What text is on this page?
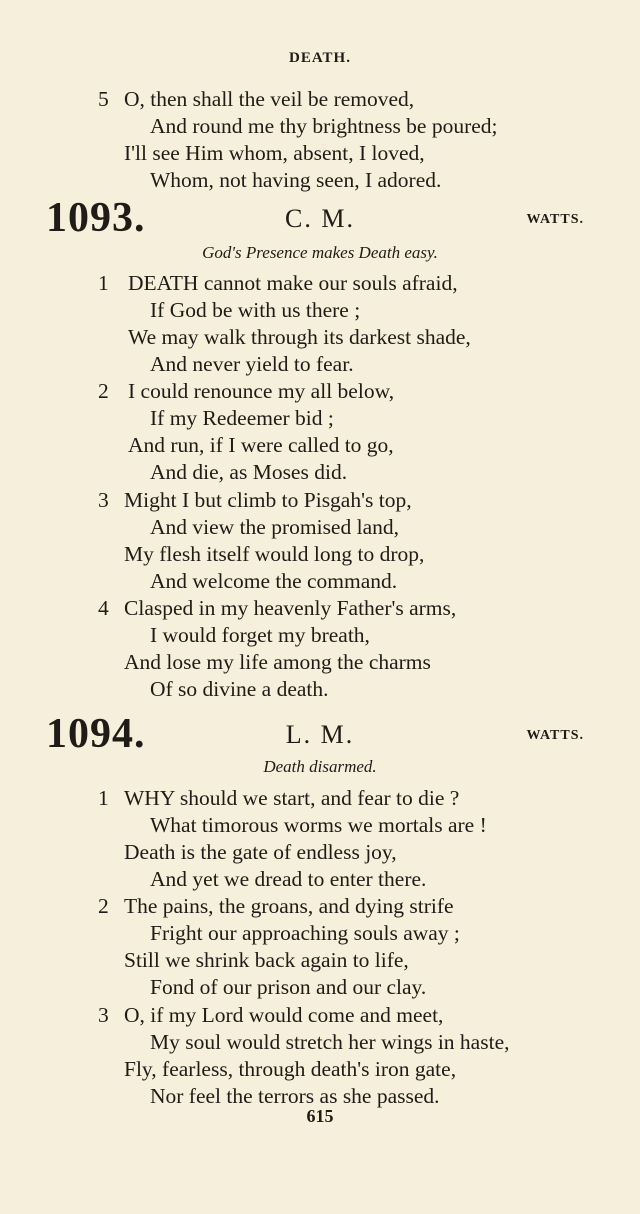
DEATH.
5 O, then shall the veil be removed,
And round me thy brightness be poured;
I'll see Him whom, absent, I loved,
Whom, not having seen, I adored.
1093.	C. M.	WATTS.
God's Presence makes Death easy.
1 DEATH cannot make our souls afraid,
If God be with us there ;
We may walk through its darkest shade,
And never yield to fear.
2 I could renounce my all below,
If my Redeemer bid ;
And run, if I were called to go,
And die, as Moses did.
3 Might I but climb to Pisgah's top,
And view the promised land,
My flesh itself would long to drop,
And welcome the command.
4 Clasped in my heavenly Father's arms,
I would forget my breath,
And lose my life among the charms
Of so divine a death.
1094.	L. M.	WATTS.
Death disarmed.
1 WHY should we start, and fear to die ?
What timorous worms we mortals are !
Death is the gate of endless joy,
And yet we dread to enter there.
2 The pains, the groans, and dying strife
Fright our approaching souls away ;
Still we shrink back again to life,
Fond of our prison and our clay.
3 O, if my Lord would come and meet,
My soul would stretch her wings in haste,
Fly, fearless, through death's iron gate,
Nor feel the terrors as she passed.
615
